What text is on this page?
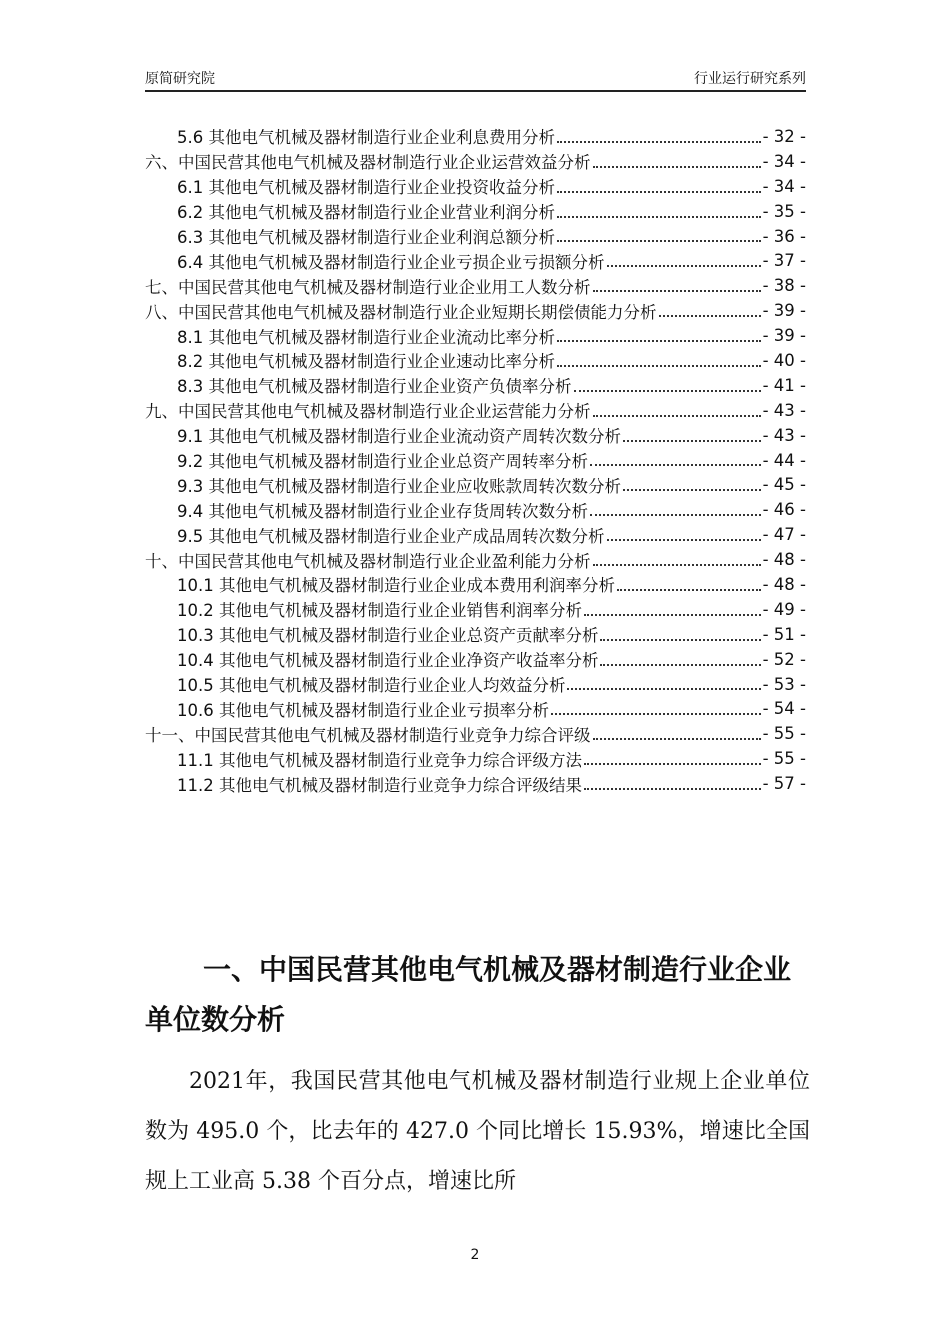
原简研究院	行业运行研究系列
5.6 其他电气机械及器材制造行业企业利息费用分析	- 32 -
六、中国民营其他电气机械及器材制造行业企业运营效益分析	- 34 -
6.1 其他电气机械及器材制造行业企业投资收益分析	- 34 -
6.2 其他电气机械及器材制造行业企业营业利润分析	- 35 -
6.3 其他电气机械及器材制造行业企业利润总额分析	- 36 -
6.4 其他电气机械及器材制造行业企业亏损企业亏损额分析	- 37 -
七、中国民营其他电气机械及器材制造行业企业用工人数分析	- 38 -
八、中国民营其他电气机械及器材制造行业企业短期长期偿债能力分析	- 39 -
8.1 其他电气机械及器材制造行业企业流动比率分析	- 39 -
8.2 其他电气机械及器材制造行业企业速动比率分析	- 40 -
8.3 其他电气机械及器材制造行业企业资产负债率分析	- 41 -
九、中国民营其他电气机械及器材制造行业企业运营能力分析	- 43 -
9.1 其他电气机械及器材制造行业企业流动资产周转次数分析	- 43 -
9.2 其他电气机械及器材制造行业企业总资产周转率分析	- 44 -
9.3 其他电气机械及器材制造行业企业应收账款周转次数分析	- 45 -
9.4 其他电气机械及器材制造行业企业存货周转次数分析	- 46 -
9.5 其他电气机械及器材制造行业企业产成品周转次数分析	- 47 -
十、中国民营其他电气机械及器材制造行业企业盈利能力分析	- 48 -
10.1 其他电气机械及器材制造行业企业成本费用利润率分析	- 48 -
10.2 其他电气机械及器材制造行业企业销售利润率分析	- 49 -
10.3 其他电气机械及器材制造行业企业总资产贡献率分析	- 51 -
10.4 其他电气机械及器材制造行业企业净资产收益率分析	- 52 -
10.5 其他电气机械及器材制造行业企业人均效益分析	- 53 -
10.6 其他电气机械及器材制造行业企业亏损率分析	- 54 -
十一、中国民营其他电气机械及器材制造行业竞争力综合评级	- 55 -
11.1 其他电气机械及器材制造行业竞争力综合评级方法	- 55 -
11.2 其他电气机械及器材制造行业竞争力综合评级结果	- 57 -
一、中国民营其他电气机械及器材制造行业企业单位数分析
2021年，我国民营其他电气机械及器材制造行业规上企业单位数为 495.0 个，比去年的 427.0 个同比增长 15.93%，增速比全国规上工业高 5.38 个百分点，增速比所
2
